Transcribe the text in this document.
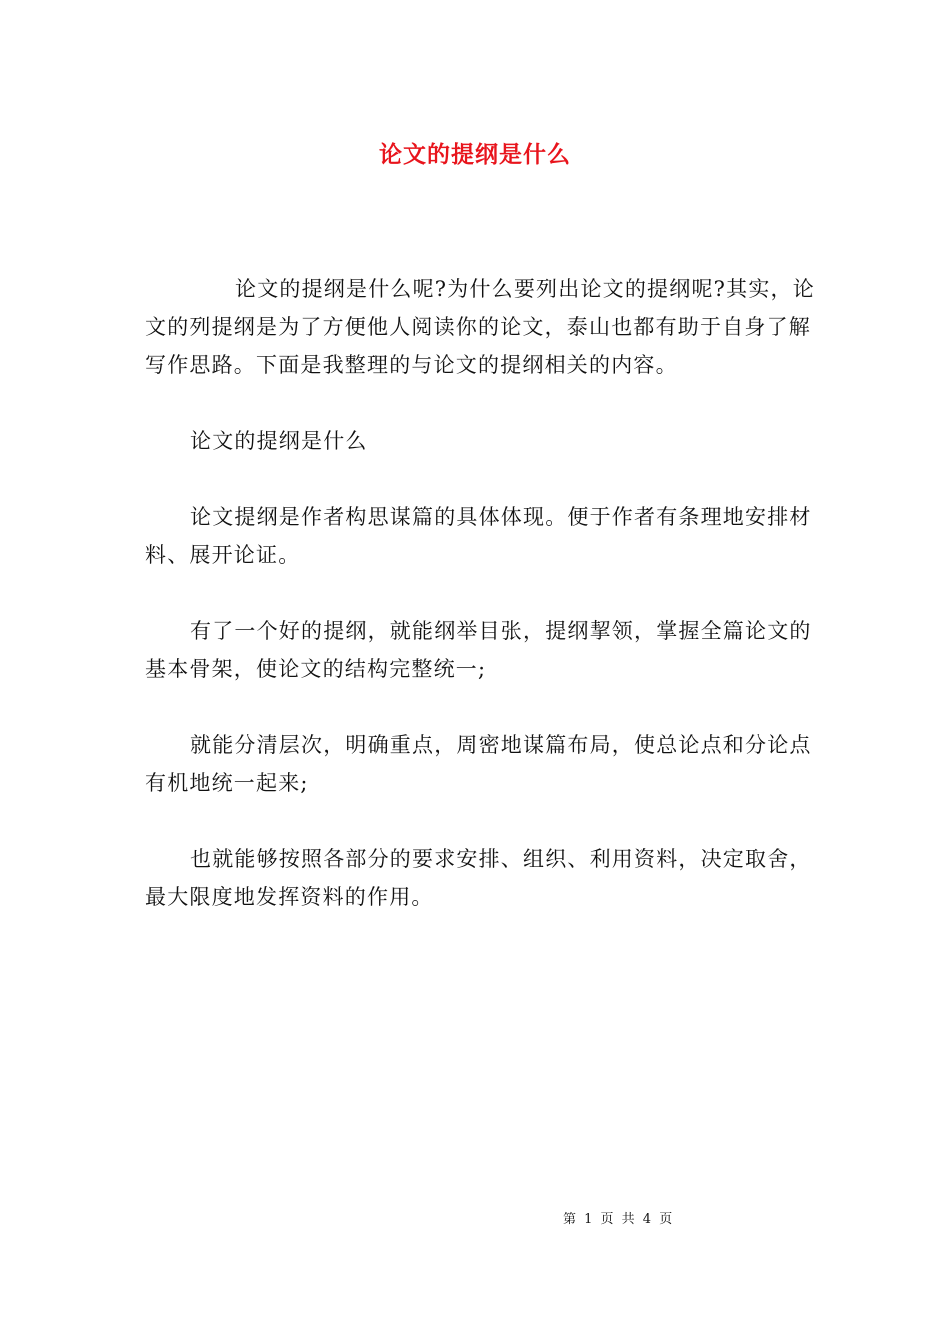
论文的提纲是什么

论文的提纲是什么呢?为什么要列出论文的提纲呢?其实，论文的列提纲是为了方便他人阅读你的论文，泰山也都有助于自身了解写作思路。下面是我整理的与论文的提纲相关的内容。

论文的提纲是什么

论文提纲是作者构思谋篇的具体体现。便于作者有条理地安排材料、展开论证。

有了一个好的提纲，就能纲举目张，提纲挈领，掌握全篇论文的基本骨架，使论文的结构完整统一;

就能分清层次，明确重点，周密地谋篇布局，使总论点和分论点有机地统一起来;

也就能够按照各部分的要求安排、组织、利用资料，决定取舍，最大限度地发挥资料的作用。

第 1 页 共 4 页
